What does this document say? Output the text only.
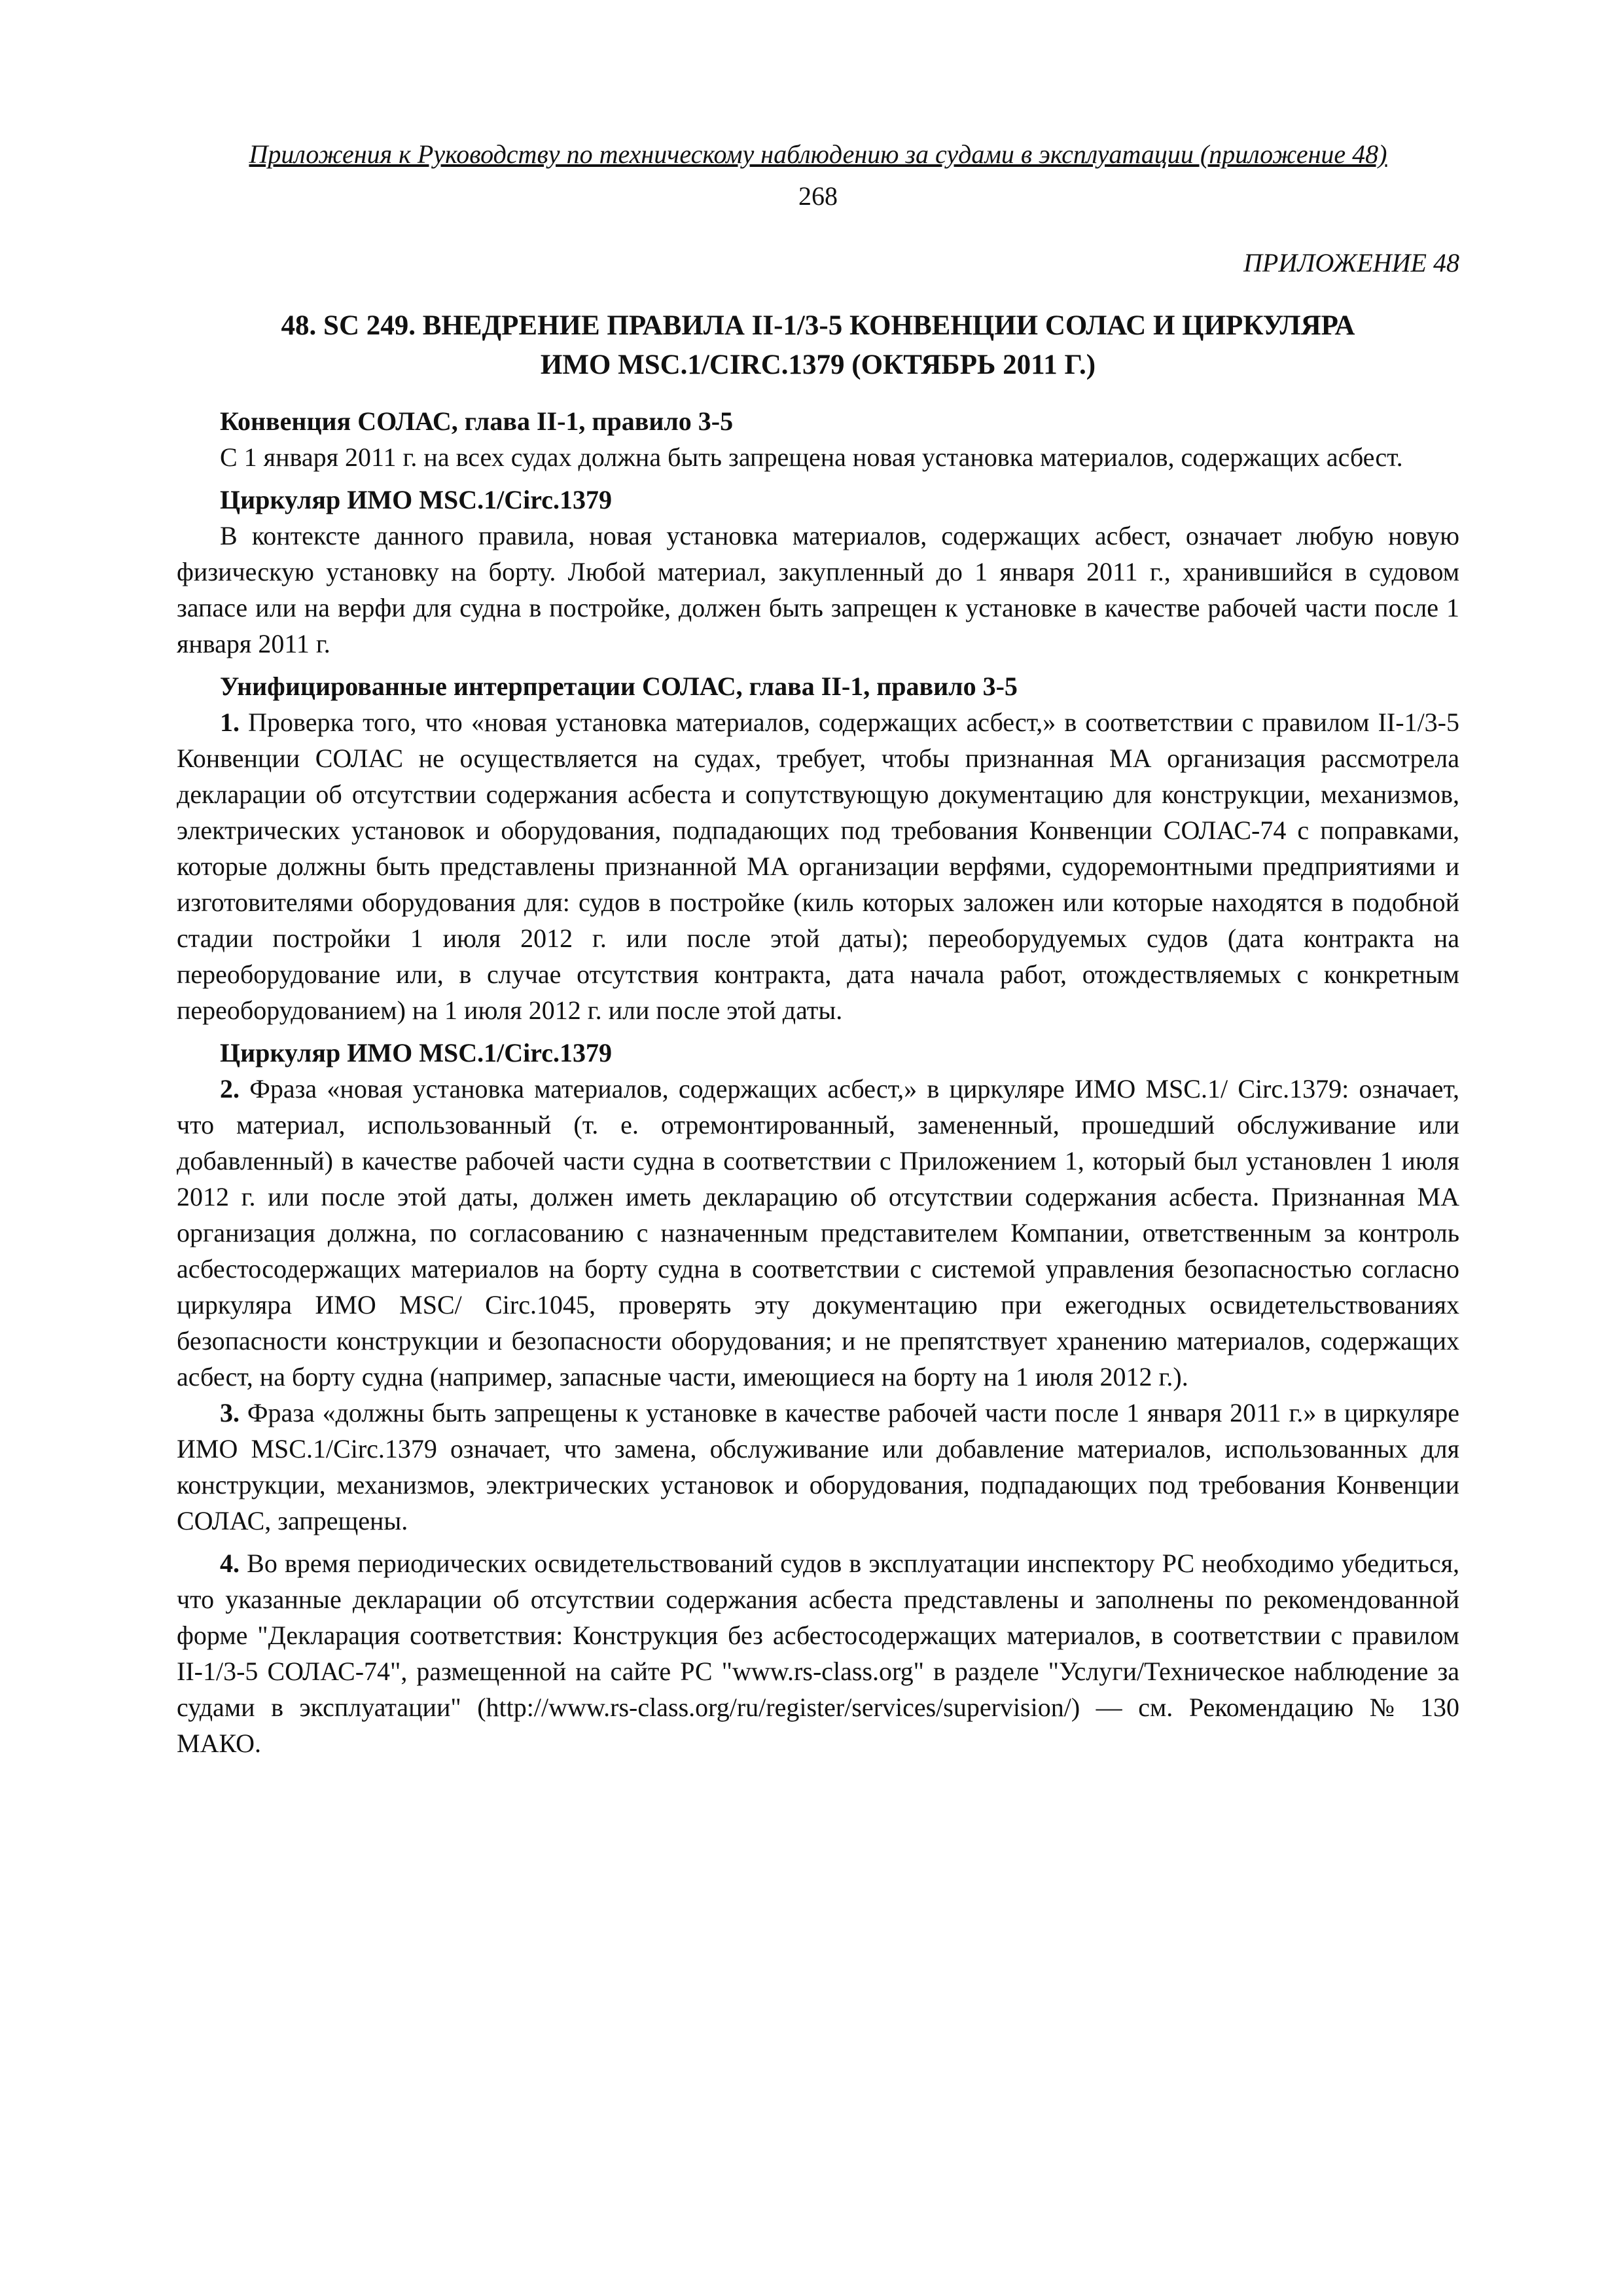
Приложения к Руководству по техническому наблюдению за судами в эксплуатации (приложение 48)
268
ПРИЛОЖЕНИЕ 48
48. SC 249. ВНЕДРЕНИЕ ПРАВИЛА II-1/3-5 КОНВЕНЦИИ СОЛАС И ЦИРКУЛЯРА
ИМО MSC.1/CIRC.1379 (ОКТЯБРЬ 2011 Г.)
Конвенция СОЛАС, глава II-1, правило 3-5

С 1 января 2011 г. на всех судах должна быть запрещена новая установка материалов, содержащих асбест.

Циркуляр ИМО MSC.1/Circ.1379

В контексте данного правила, новая установка материалов, содержащих асбест, означает любую новую физическую установку на борту. Любой материал, закупленный до 1 января 2011 г., хранившийся в судовом запасе или на верфи для судна в постройке, должен быть запрещен к установке в качестве рабочей части после 1 января 2011 г.

Унифицированные интерпретации СОЛАС, глава II-1, правило 3-5

1. Проверка того, что «новая установка материалов, содержащих асбест,» в соответствии с правилом II-1/3-5 Конвенции СОЛАС не осуществляется на судах, требует, чтобы признанная МА организация рассмотрела декларации об отсутствии содержания асбеста и сопутствующую документацию для конструкции, механизмов, электрических установок и оборудования, подпадающих под требования Конвенции СОЛАС-74 с поправками, которые должны быть представлены признанной МА организации верфями, судоремонтными предприятиями и изготовителями оборудования для: судов в постройке (киль которых заложен или которые находятся в подобной стадии постройки 1 июля 2012 г. или после этой даты); переоборудуемых судов (дата контракта на переоборудование или, в случае отсутствия контракта, дата начала работ, отождествляемых с конкретным переоборудованием) на 1 июля 2012 г. или после этой даты.

Циркуляр ИМО MSC.1/Circ.1379

2. Фраза «новая установка материалов, содержащих асбест,» в циркуляре ИМО MSC.1/ Circ.1379: означает, что материал, использованный (т. е. отремонтированный, замененный, прошедший обслуживание или добавленный) в качестве рабочей части судна в соответствии с Приложением 1, который был установлен 1 июля 2012 г. или после этой даты, должен иметь декларацию об отсутствии содержания асбеста. Признанная МА организация должна, по согласованию с назначенным представителем Компании, ответственным за контроль асбестосодержащих материалов на борту судна в соответствии с системой управления безопасностью согласно циркуляра ИМО MSC/ Circ.1045, проверять эту документацию при ежегодных освидетельствованиях безопасности конструкции и безопасности оборудования; и не препятствует хранению материалов, содержащих асбест, на борту судна (например, запасные части, имеющиеся на борту на 1 июля 2012 г.).

3. Фраза «должны быть запрещены к установке в качестве рабочей части после 1 января 2011 г.» в циркуляре ИМО MSC.1/Circ.1379 означает, что замена, обслуживание или добавление материалов, использованных для конструкции, механизмов, электрических установок и оборудования, подпадающих под требования Конвенции СОЛАС, запрещены.

4. Во время периодических освидетельствований судов в эксплуатации инспектору РС необходимо убедиться, что указанные декларации об отсутствии содержания асбеста представлены и заполнены по рекомендованной форме "Декларация соответствия: Конструкция без асбестосодержащих материалов, в соответствии с правилом II-1/3-5 СОЛАС-74", размещенной на сайте РС "www.rs-class.org" в разделе "Услуги/Техническое наблюдение за судами в эксплуатации" (http://www.rs-class.org/ru/register/services/supervision/) — см. Рекомендацию № 130 МАКО.
